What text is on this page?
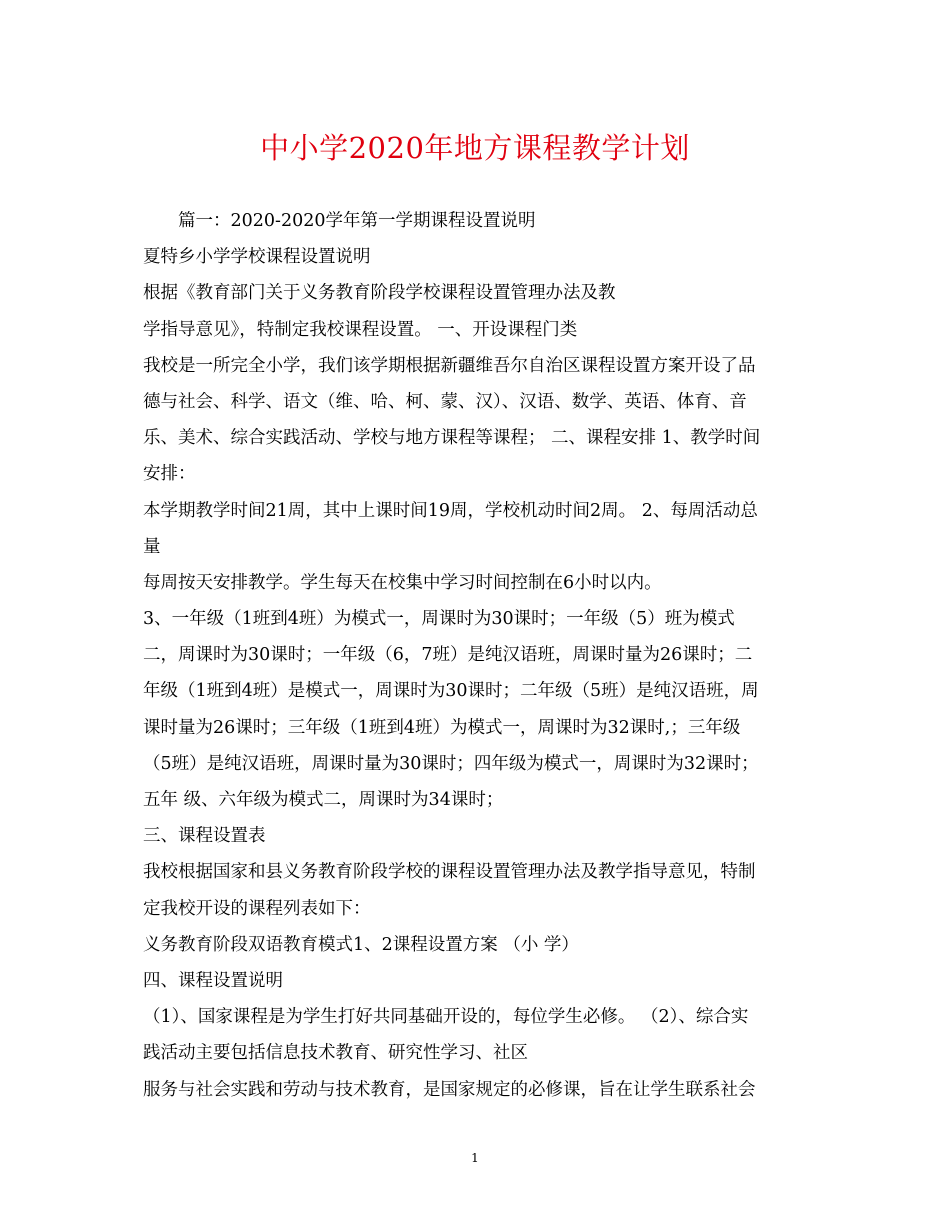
中小学2020年地方课程教学计划
篇一：2020-2020学年第一学期课程设置说明
夏特乡小学学校课程设置说明
根据《教育部门关于义务教育阶段学校课程设置管理办法及教
学指导意见》，特制定我校课程设置。 一、开设课程门类
我校是一所完全小学，我们该学期根据新疆维吾尔自治区课程设置方案开设了品
德与社会、科学、语文（维、哈、柯、蒙、汉）、汉语、数学、英语、体育、音
乐、美术、综合实践活动、学校与地方课程等课程； 二、课程安排 1、教学时间
安排：
本学期教学时间21周，其中上课时间19周，学校机动时间2周。 2、每周活动总
量
每周按天安排教学。学生每天在校集中学习时间控制在6小时以内。
3、一年级（1班到4班）为模式一，周课时为30课时；一年级（5）班为模式
二，周课时为30课时；一年级（6，7班）是纯汉语班，周课时量为26课时；二
年级（1班到4班）是模式一，周课时为30课时；二年级（5班）是纯汉语班，周
课时量为26课时；三年级（1班到4班）为模式一，周课时为32课时,；三年级
（5班）是纯汉语班，周课时量为30课时；四年级为模式一，周课时为32课时；
五年 级、六年级为模式二，周课时为34课时；
三、课程设置表
我校根据国家和县义务教育阶段学校的课程设置管理办法及教学指导意见，特制
定我校开设的课程列表如下：
义务教育阶段双语教育模式1、2课程设置方案 （小 学）
四、课程设置说明
（1）、国家课程是为学生打好共同基础开设的，每位学生必修。 （2）、综合实
践活动主要包括信息技术教育、研究性学习、社区
服务与社会实践和劳动与技术教育，是国家规定的必修课，旨在让学生联系社会
1
